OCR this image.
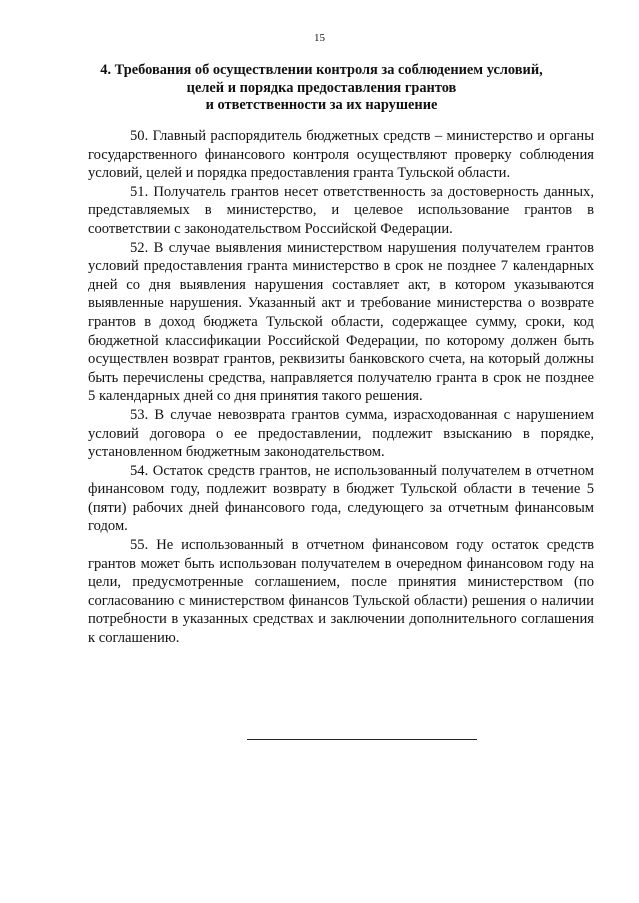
15
4. Требования об осуществлении контроля за соблюдением условий,
целей и порядка предоставления грантов
и ответственности за их нарушение

50. Главный распорядитель бюджетных средств – министерство и органы государственного финансового контроля осуществляют проверку соблюдения условий, целей и порядка предоставления гранта Тульской области.

51. Получатель грантов несет ответственность за достоверность данных, представляемых в министерство, и целевое использование грантов в соответствии с законодательством Российской Федерации.

52. В случае выявления министерством нарушения получателем грантов условий предоставления гранта министерство в срок не позднее 7 календарных дней со дня выявления нарушения составляет акт, в котором указываются выявленные нарушения. Указанный акт и требование министерства о возврате грантов в доход бюджета Тульской области, содержащее сумму, сроки, код бюджетной классификации Российской Федерации, по которому должен быть осуществлен возврат грантов, реквизиты банковского счета, на который должны быть перечислены средства, направляется получателю гранта в срок не позднее 5 календарных дней со дня принятия такого решения.

53. В случае невозврата грантов сумма, израсходованная с нарушением условий договора о ее предоставлении, подлежит взысканию в порядке, установленном бюджетным законодательством.

54. Остаток средств грантов, не использованный получателем в отчетном финансовом году, подлежит возврату в бюджет Тульской области в течение 5 (пяти) рабочих дней финансового года, следующего за отчетным финансовым годом.

55. Не использованный в отчетном финансовом году остаток средств грантов может быть использован получателем в очередном финансовом году на цели, предусмотренные соглашением, после принятия министерством (по согласованию с министерством финансов Тульской области) решения о наличии потребности в указанных средствах и заключении дополнительного соглашения к соглашению.
